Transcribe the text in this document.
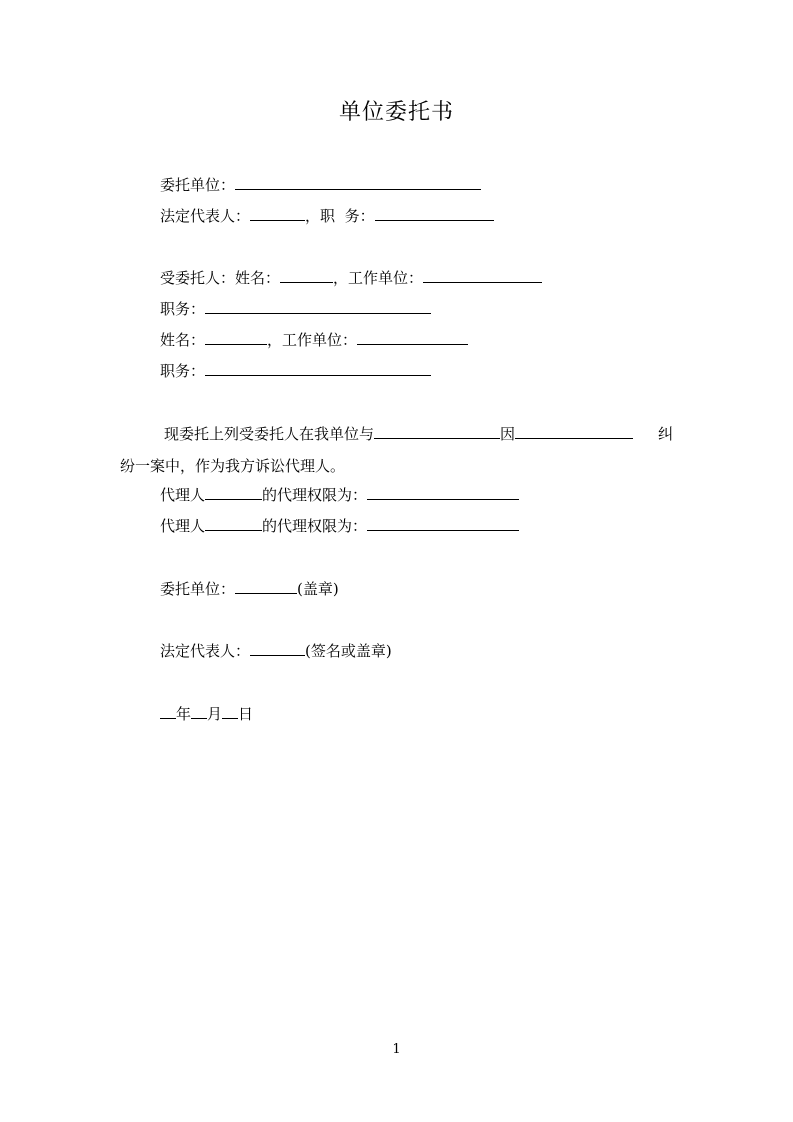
单位委托书
委托单位：
法定代表人：	，职  务：
受委托人：姓名：	，工作单位：
职务：
姓名：	，工作单位：
职务：
现委托上列受委托人在我单位与	因	纠
纷一案中，作为我方诉讼代理人。
代理人	的代理权限为：
代理人	的代理权限为：
委托单位：	(盖章)
法定代表人：	(签名或盖章)
年 月 日
1
